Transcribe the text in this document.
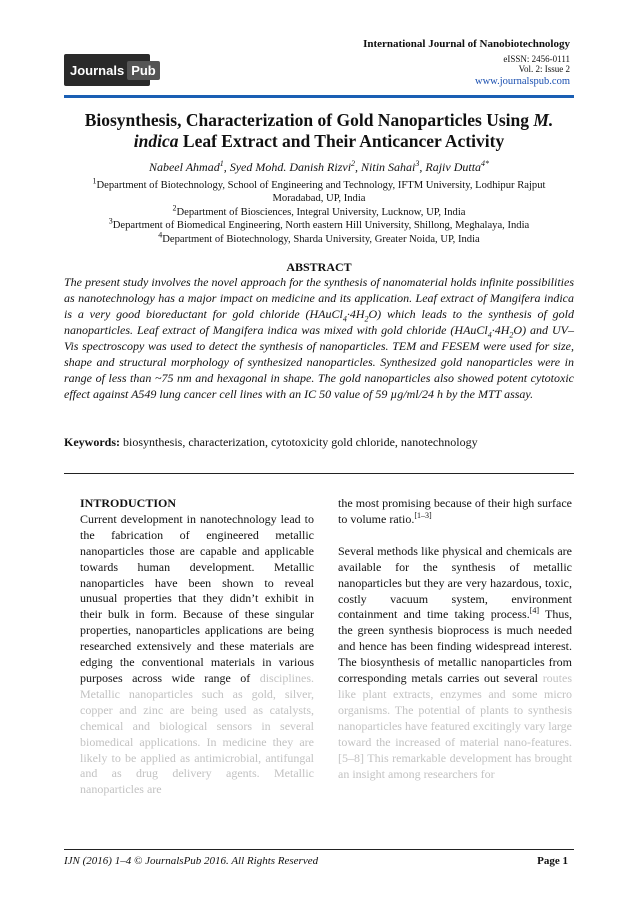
Journals Pub
International Journal of Nanobiotechnology
eISSN: 2456-0111
Vol. 2: Issue 2
www.journalspub.com
Biosynthesis, Characterization of Gold Nanoparticles Using M.
indica Leaf Extract and Their Anticancer Activity
Nabeel Ahmad$^1$, Syed Mohd. Danish Rizvi$^2$, Nitin Sahai$^3$, Rajiv Dutta$^{4*}$
$^1$Department of Biotechnology, School of Engineering and Technology, IFTM University, Lodhipur Rajput
Moradabad, UP, India
$^2$Department of Biosciences, Integral University, Lucknow, UP, India
$^3$Department of Biomedical Engineering, North eastern Hill University, Shillong, Meghalaya, India
$^4$Department of Biotechnology, Sharda University, Greater Noida, UP, India
ABSTRACT
The present study involves the novel approach for the synthesis of nanomaterial holds infinite possibilities as nanotechnology has a major impact on medicine and its application. Leaf extract of Mangifera indica is a very good bioreductant for gold chloride $(HAuCl_4\cdot 4H_2O)$ which leads to the synthesis of gold nanoparticles. Leaf extract of Mangifera indica was mixed with gold chloride $(HAuCl_4\cdot 4H_2O)$ and UV–Vis spectroscopy was used to detect the synthesis of nanoparticles. TEM and FESEM were used for size, shape and structural morphology of synthesized nanoparticles. Synthesized gold nanoparticles were in range of less than ~75 nm and hexagonal in shape. The gold nanoparticles also showed potent cytotoxic effect against A549 lung cancer cell lines with an IC 50 value of 59 µg/ml/24 h by the MTT assay.
Keywords: biosynthesis, characterization, cytotoxicity gold chloride, nanotechnology
INTRODUCTION
Current development in nanotechnology lead to the fabrication of engineered metallic nanoparticles those are capable and applicable towards human development. Metallic nanoparticles have been shown to reveal unusual properties that they didn’t exhibit in their bulk in form. Because of these singular properties, nanoparticles applications are being researched extensively and these materials are edging the conventional materials in various purposes across wide range of disciplines. Metallic nanoparticles such as gold, silver, copper and zinc are being used as catalysts, chemical and biological sensors in several biomedical applications. In medicine they are likely to be applied as antimicrobial, antifungal and as drug delivery agents. Metallic nanoparticles are
the most promising because of their high surface to volume ratio.[1–3]
Several methods like physical and chemicals are available for the synthesis of metallic nanoparticles but they are very hazardous, toxic, costly vacuum system, environment containment and time taking process.[4] Thus, the green synthesis bioprocess is much needed and hence has been finding widespread interest. The biosynthesis of metallic nanoparticles from corresponding metals carries out several routes like plant extracts, enzymes and some micro organisms. The potential of plants to synthesis nanoparticles have featured excitingly vary large toward the increased of material nano-features.[5–8] This remarkable development has brought an insight among researchers for
IJN (2016) 1–4 © JournalsPub 2016. All Rights Reserved	Page 1
